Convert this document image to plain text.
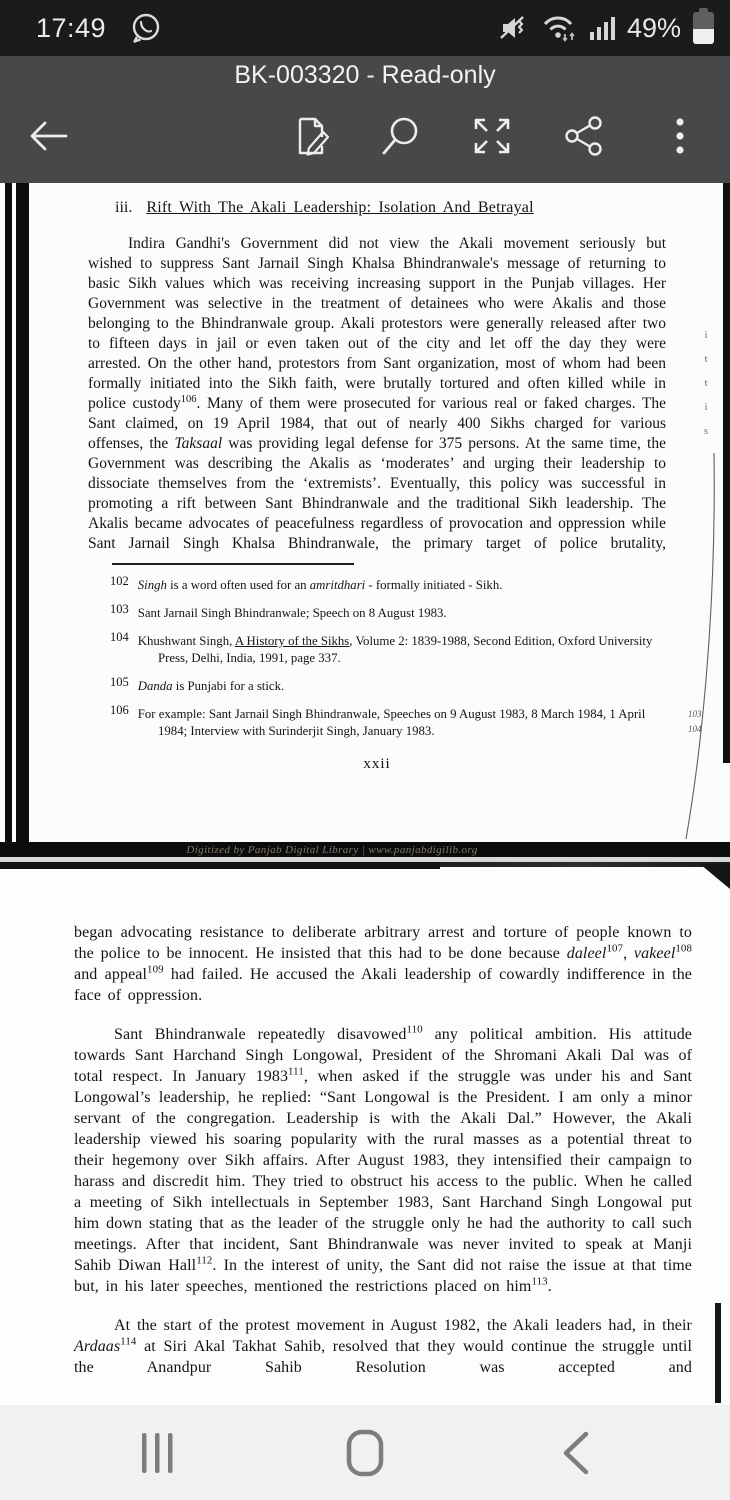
17:49	49%
BK-003320 - Read-only
i
t
t
i
s
103
104
iii. Rift With The Akali Leadership: Isolation And Betrayal
Indira Gandhi's Government did not view the Akali movement seriously but wished to suppress Sant Jarnail Singh Khalsa Bhindranwale's message of returning to basic Sikh values which was receiving increasing support in the Punjab villages. Her Government was selective in the treatment of detainees who were Akalis and those belonging to the Bhindranwale group. Akali protestors were generally released after two to fifteen days in jail or even taken out of the city and let off the day they were arrested. On the other hand, protestors from Sant organization, most of whom had been formally initiated into the Sikh faith, were brutally tortured and often killed while in police custody$^{106}$. Many of them were prosecuted for various real or faked charges. The Sant claimed, on 19 April 1984, that out of nearly 400 Sikhs charged for various offenses, the Taksaal was providing legal defense for 375 persons. At the same time, the Government was describing the Akalis as ‘moderates’ and urging their leadership to dissociate themselves from the ‘extremists’. Eventually, this policy was successful in promoting a rift between Sant Bhindranwale and the traditional Sikh leadership. The Akalis became advocates of peacefulness regardless of provocation and oppression while Sant Jarnail Singh Khalsa Bhindranwale, the primary target of police brutality,
102 Singh is a word often used for an amritdhari - formally initiated - Sikh.
103 Sant Jarnail Singh Bhindranwale; Speech on 8 August 1983.
104 Khushwant Singh, A History of the Sikhs, Volume 2: 1839-1988, Second Edition, Oxford University Press, Delhi, India, 1991, page 337.
105 Danda is Punjabi for a stick.
106 For example: Sant Jarnail Singh Bhindranwale, Speeches on 9 August 1983, 8 March 1984, 1 April 1984; Interview with Surinderjit Singh, January 1983.
xxii
Digitized by Panjab Digital Library | www.panjabdigilib.org

began advocating resistance to deliberate arbitrary arrest and torture of people known to the police to be innocent. He insisted that this had to be done because daleel$^{107}$, vakeel$^{108}$ and appeal$^{109}$ had failed. He accused the Akali leadership of cowardly indifference in the face of oppression.

Sant Bhindranwale repeatedly disavowed$^{110}$ any political ambition. His attitude towards Sant Harchand Singh Longowal, President of the Shromani Akali Dal was of total respect. In January 1983$^{111}$, when asked if the struggle was under his and Sant Longowal’s leadership, he replied: “Sant Longowal is the President. I am only a minor servant of the congregation. Leadership is with the Akali Dal.” However, the Akali leadership viewed his soaring popularity with the rural masses as a potential threat to their hegemony over Sikh affairs. After August 1983, they intensified their campaign to harass and discredit him. They tried to obstruct his access to the public. When he called a meeting of Sikh intellectuals in September 1983, Sant Harchand Singh Longowal put him down stating that as the leader of the struggle only he had the authority to call such meetings. After that incident, Sant Bhindranwale was never invited to speak at Manji Sahib Diwan Hall$^{112}$. In the interest of unity, the Sant did not raise the issue at that time but, in his later speeches, mentioned the restrictions placed on him$^{113}$.

At the start of the protest movement in August 1982, the Akali leaders had, in their Ardaas$^{114}$ at Siri Akal Takhat Sahib, resolved that they would continue the struggle until the Anandpur Sahib Resolution was accepted and
